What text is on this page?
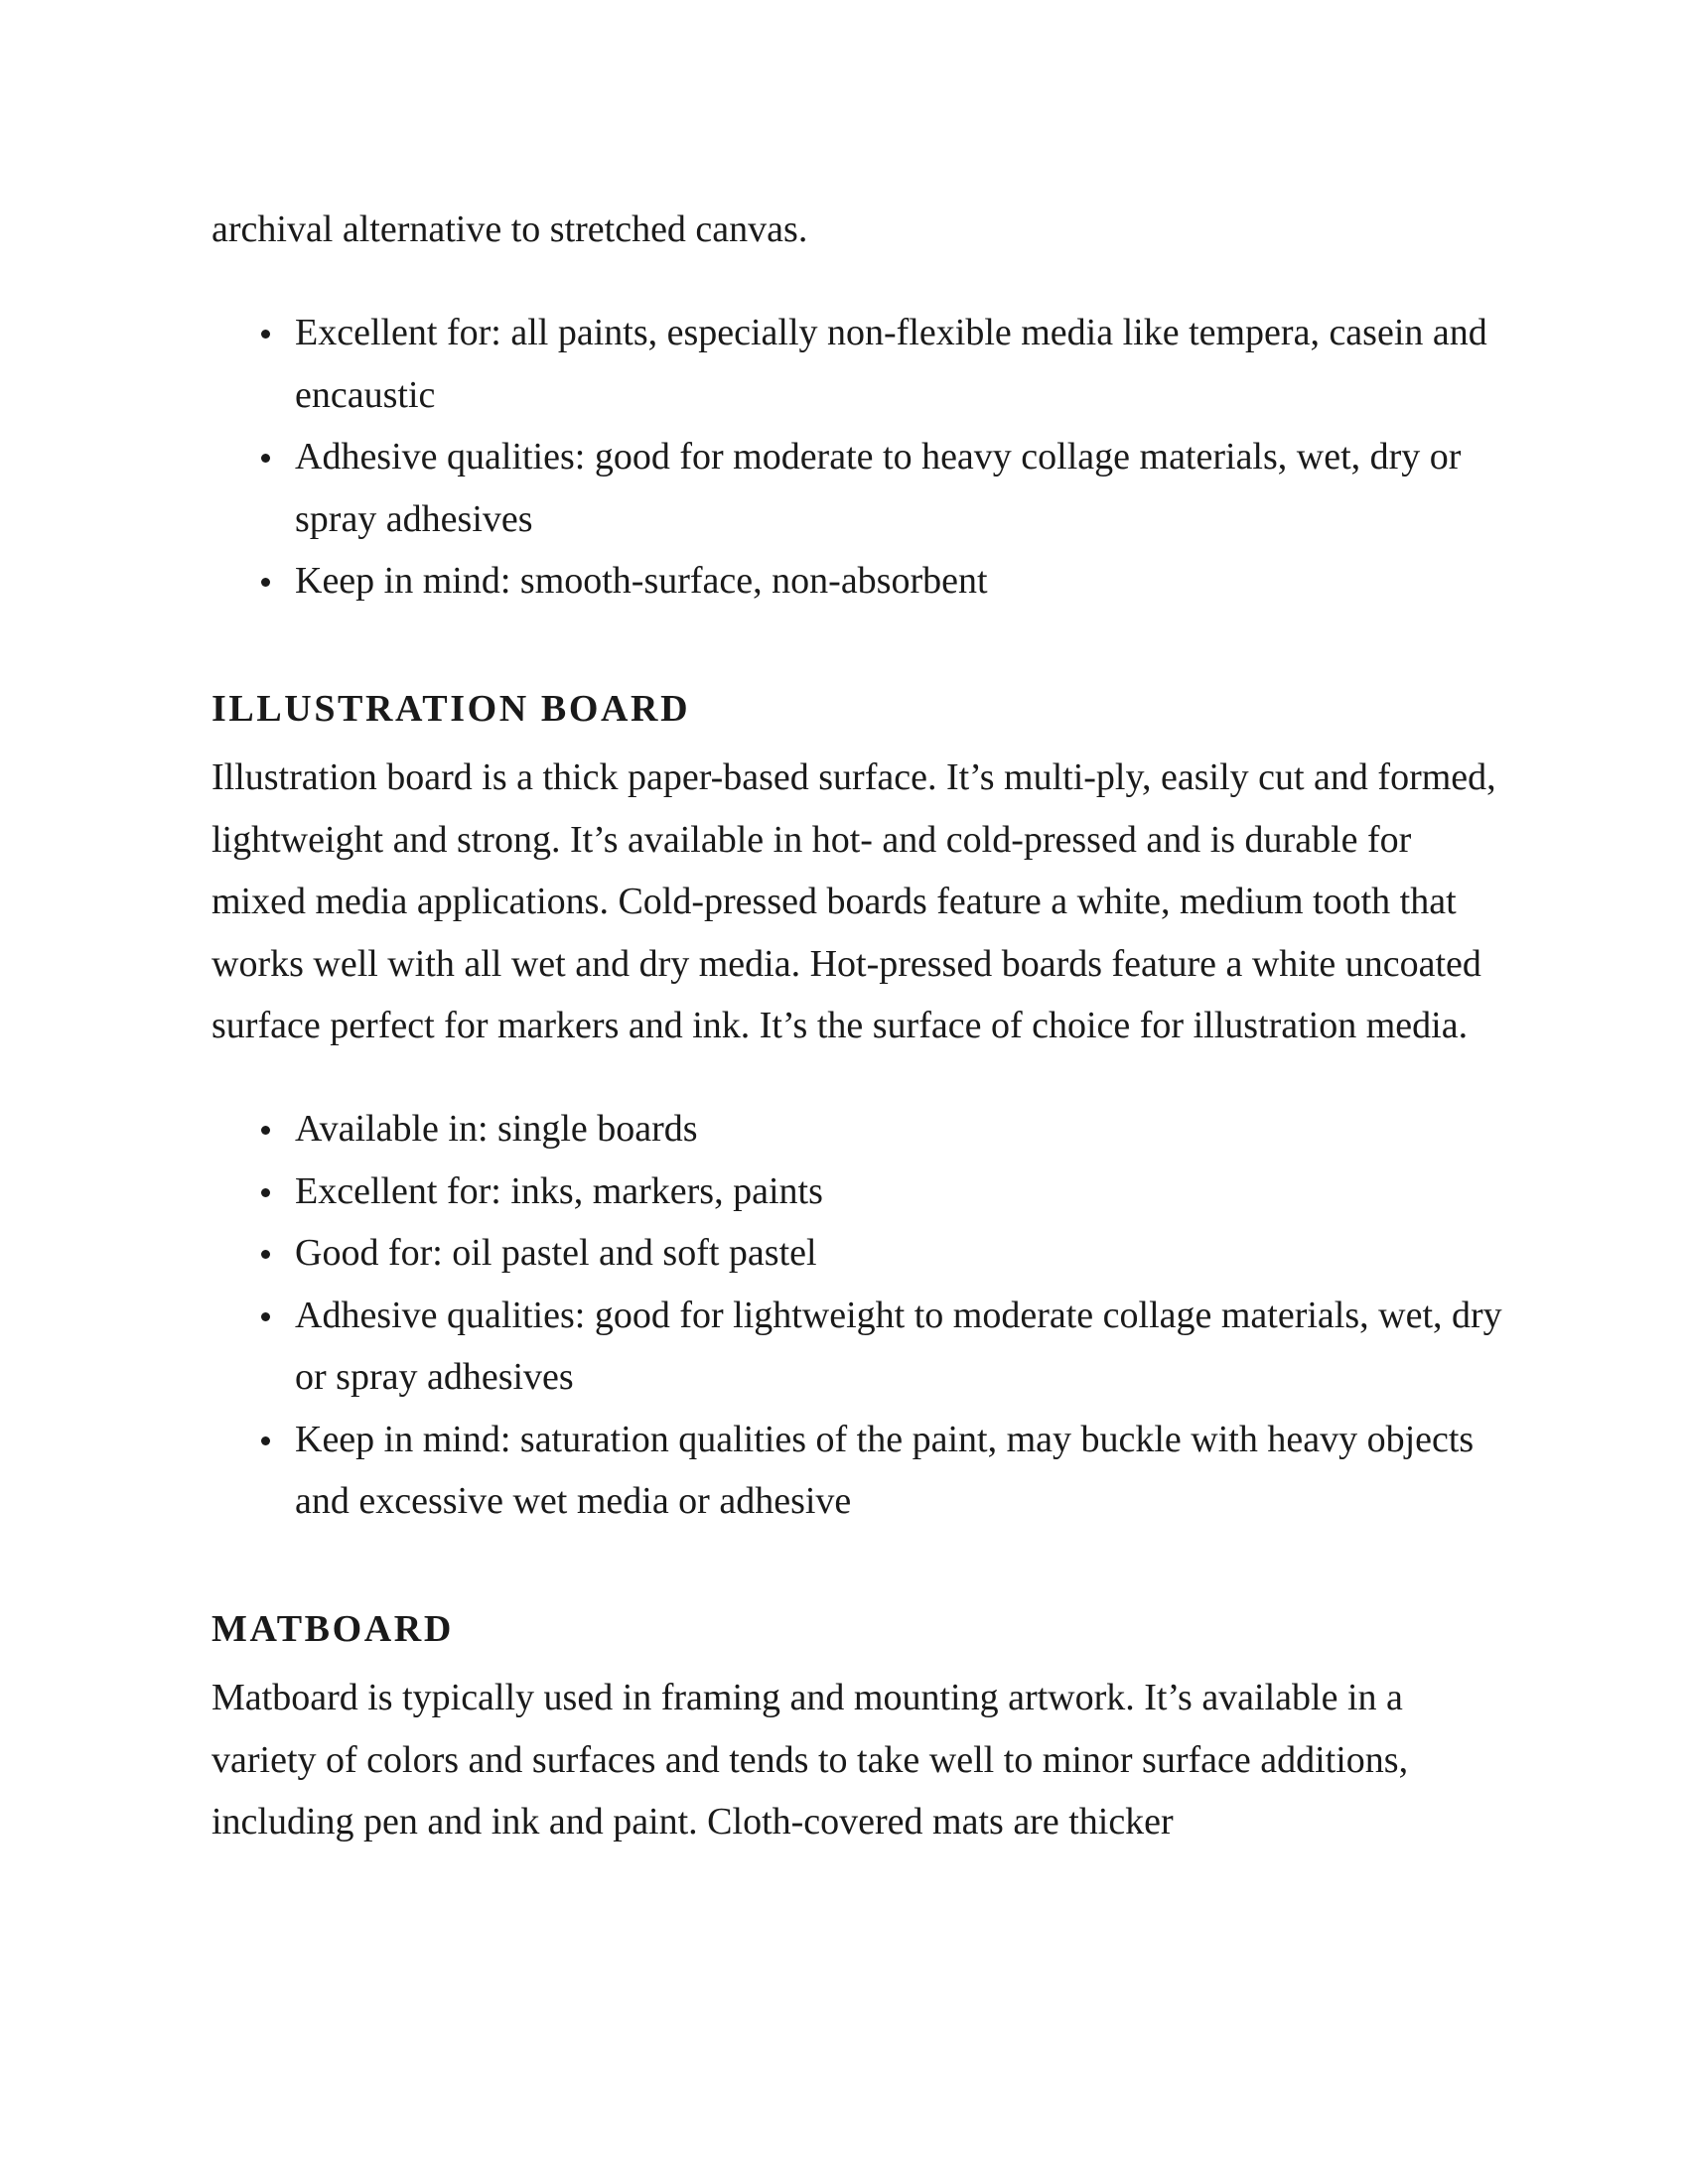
archival alternative to stretched canvas.

Excellent for: all paints, especially non-flexible media like tempera, casein and encaustic
Adhesive qualities: good for moderate to heavy collage materials, wet, dry or spray adhesives
Keep in mind: smooth-surface, non-absorbent
ILLUSTRATION BOARD

Illustration board is a thick paper-based surface. It’s multi-ply, easily cut and formed, lightweight and strong. It’s available in hot- and cold-pressed and is durable for mixed media applications. Cold-pressed boards feature a white, medium tooth that works well with all wet and dry media. Hot-pressed boards feature a white uncoated surface perfect for markers and ink. It’s the surface of choice for illustration media.

Available in: single boards
Excellent for: inks, markers, paints
Good for: oil pastel and soft pastel
Adhesive qualities: good for lightweight to moderate collage materials, wet, dry or spray adhesives
Keep in mind: saturation qualities of the paint, may buckle with heavy objects and excessive wet media or adhesive
MATBOARD

Matboard is typically used in framing and mounting artwork. It’s available in a variety of colors and surfaces and tends to take well to minor surface additions, including pen and ink and paint. Cloth-covered mats are thicker
